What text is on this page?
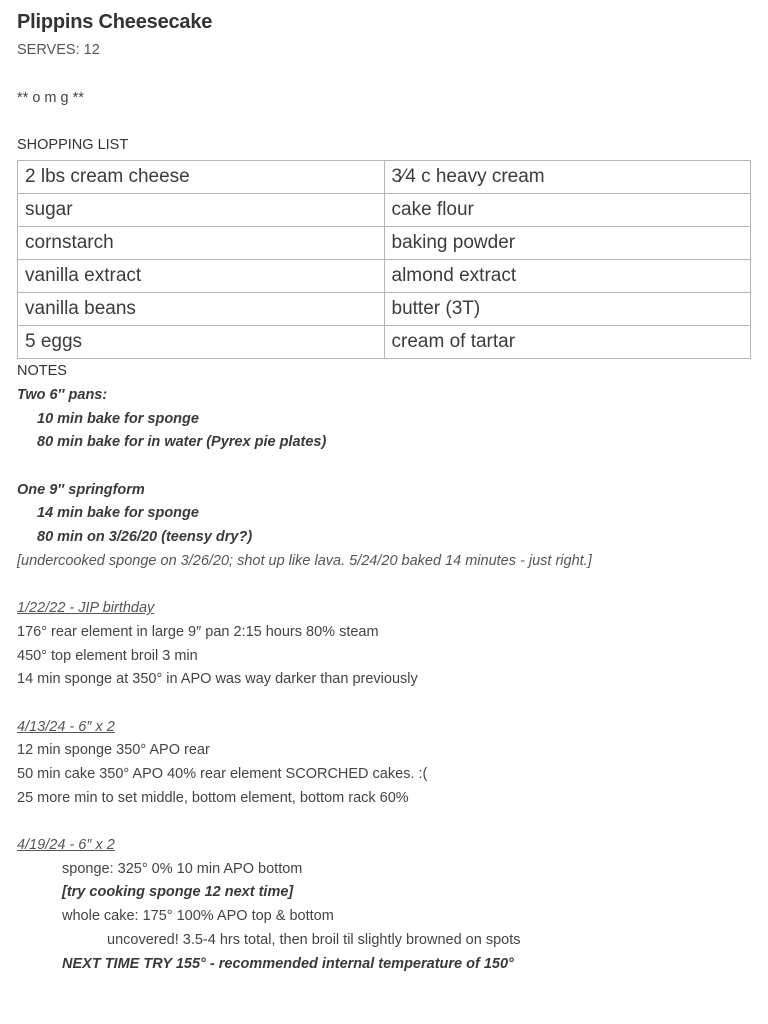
Plippins Cheesecake
SERVES: 12
** o m g **
SHOPPING LIST
2 lbs cream cheese	3⁄4 c heavy cream
sugar	cake flour
cornstarch	baking powder
vanilla extract	almond extract
vanilla beans	butter (3T)
5 eggs	cream of tartar
NOTES
Two 6″ pans:
10 min bake for sponge
80 min bake for in water (Pyrex pie plates)
One 9″ springform
14 min bake for sponge
80 min on 3/26/20 (teensy dry?)
[undercooked sponge on 3/26/20; shot up like lava. 5/24/20 baked 14 minutes - just right.]
1/22/22 - JIP birthday
176° rear element in large 9″ pan 2:15 hours 80% steam
450° top element broil 3 min
14 min sponge at 350° in APO was way darker than previously
4/13/24 - 6″ x 2
12 min sponge 350° APO rear
50 min cake 350° APO 40% rear element SCORCHED cakes. :(
25 more min to set middle, bottom element, bottom rack 60%
4/19/24 - 6″ x 2
sponge: 325° 0% 10 min APO bottom
[try cooking sponge 12 next time]
whole cake: 175° 100% APO top & bottom
uncovered! 3.5-4 hrs total, then broil til slightly browned on spots
NEXT TIME TRY 155° - recommended internal temperature of 150°
